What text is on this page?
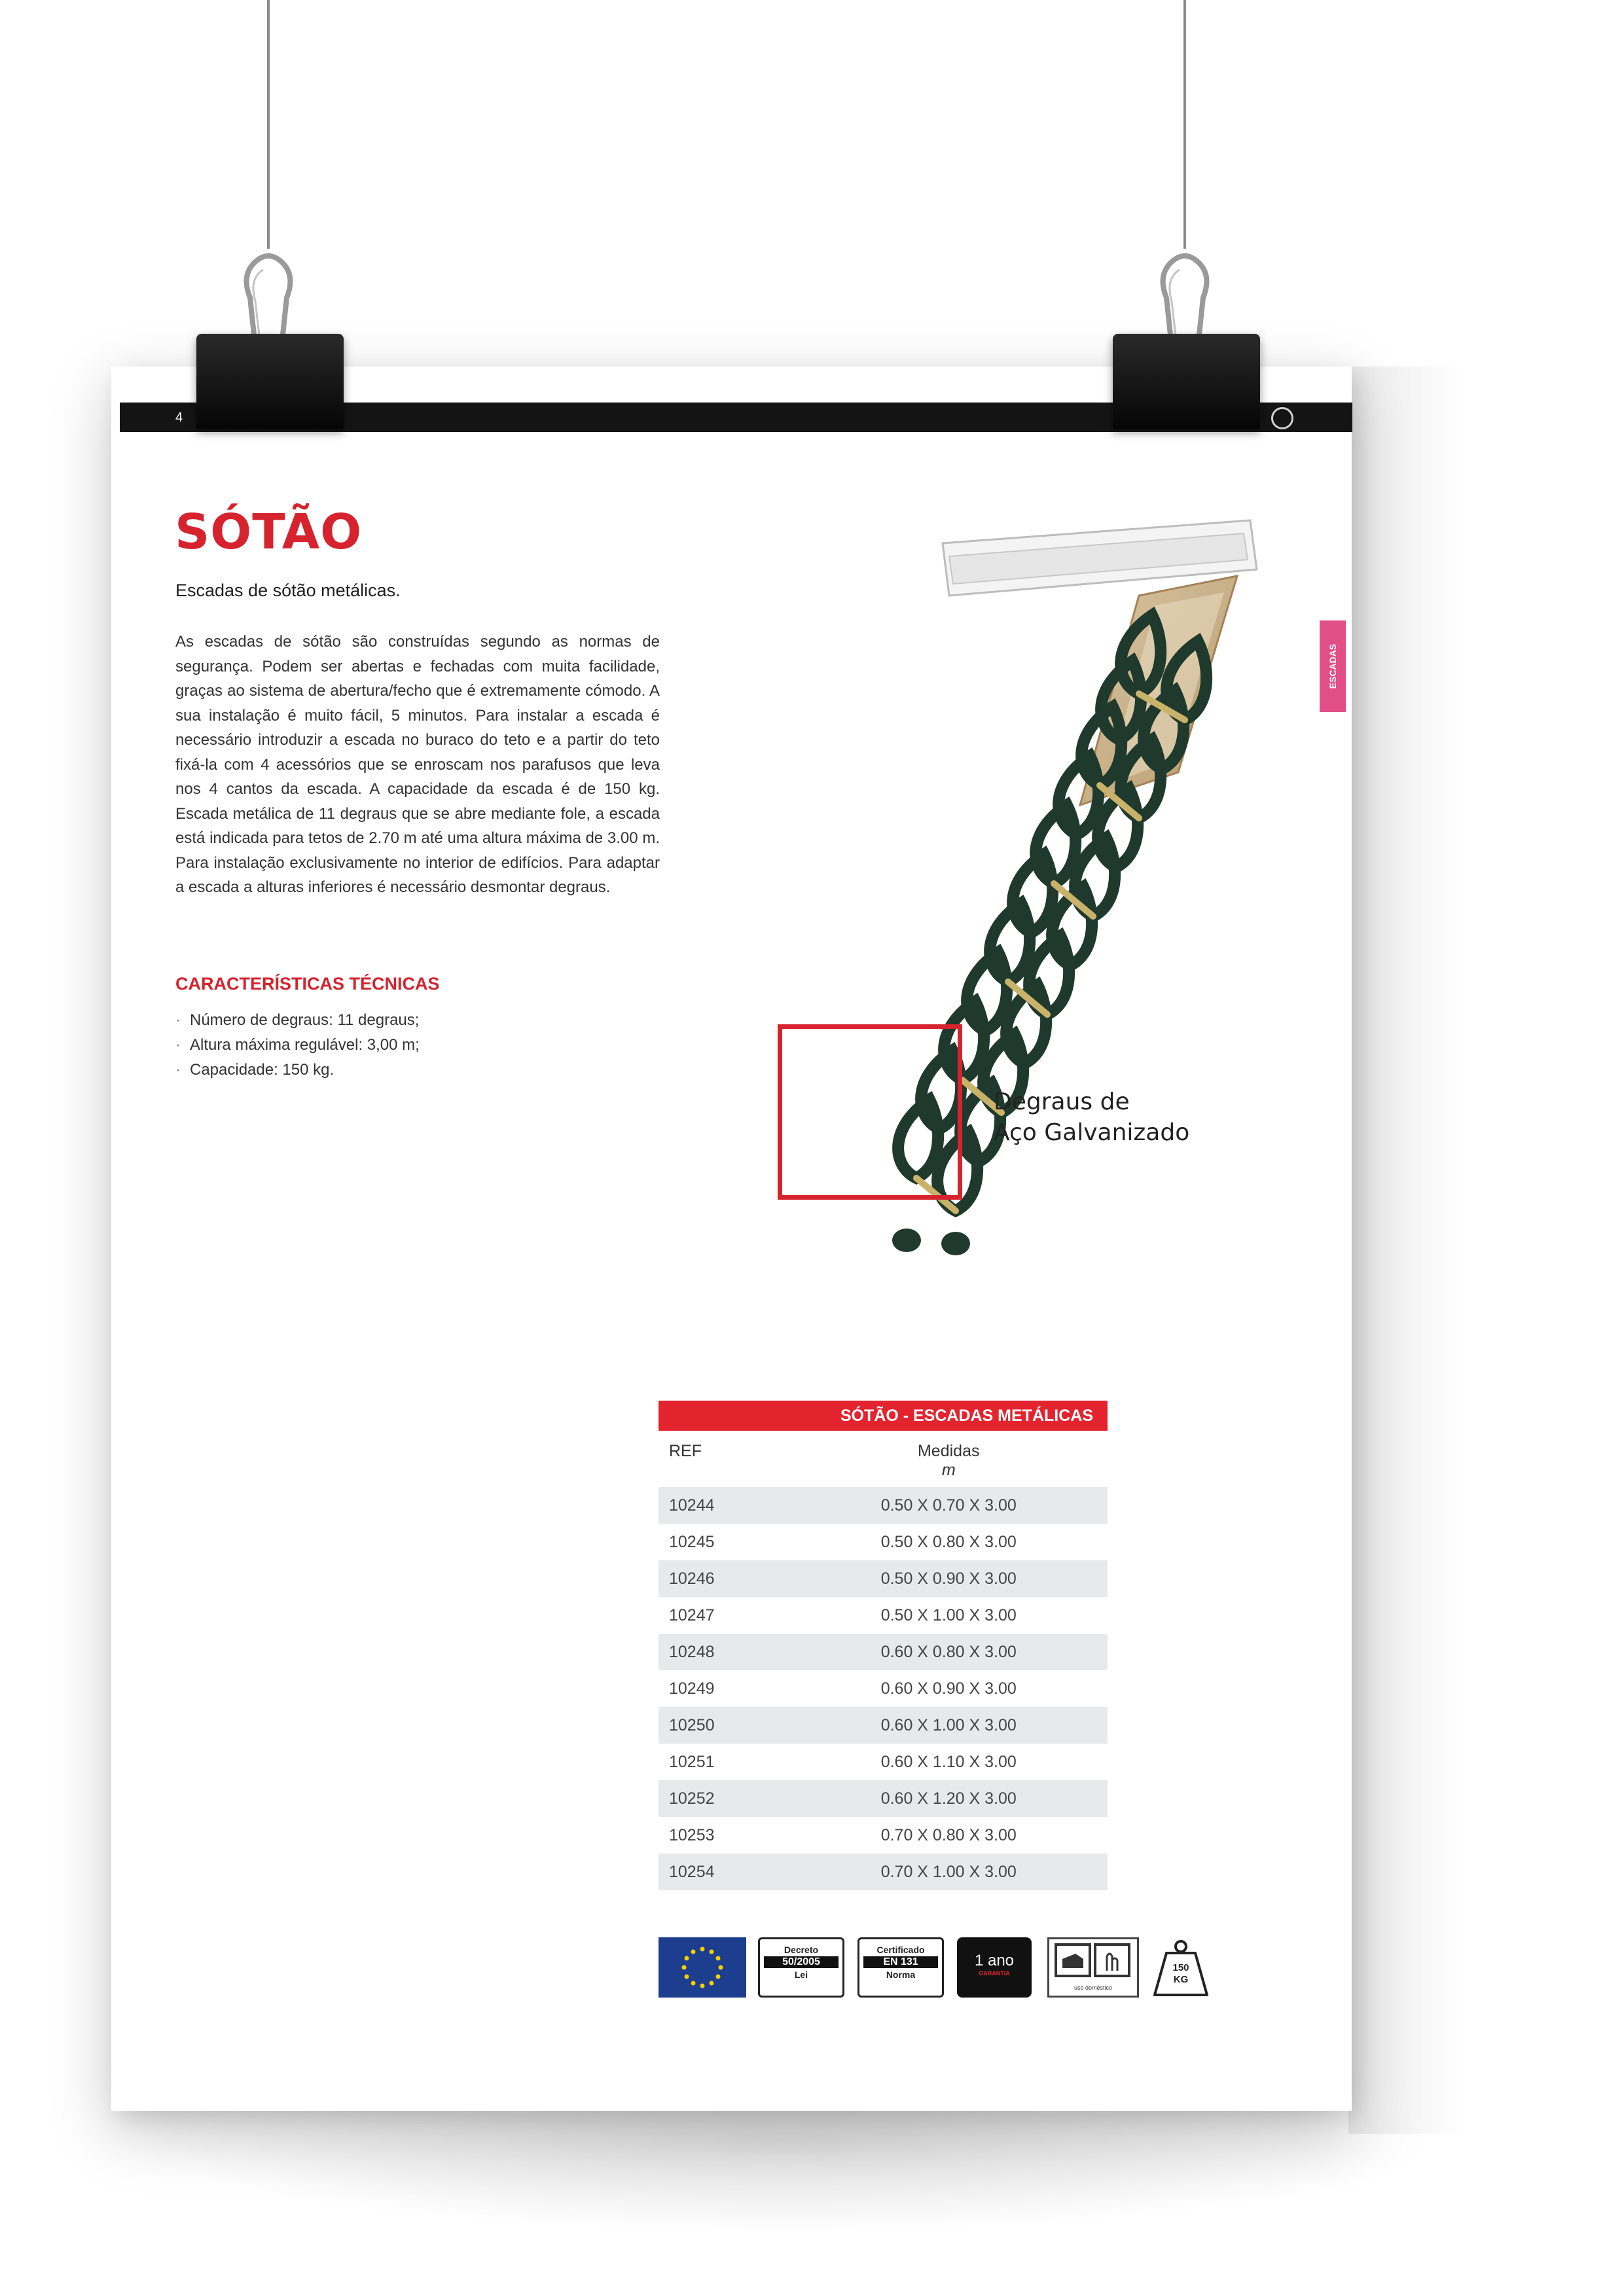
4
SÓTÃO
Escadas de sótão metálicas.

As escadas de sótão são construídas segundo as normas de segurança. Podem ser abertas e fechadas com muita facilidade, graças ao sistema de abertura/fecho que é extremamente cómodo. A sua instalação é muito fácil, 5 minutos. Para instalar a escada é necessário introduzir a escada no buraco do teto e a partir do teto fixá-la com 4 acessórios que se enroscam nos parafusos que leva nos 4 cantos da escada. A capacidade da escada é de 150 kg. Escada metálica de 11 degraus que se abre mediante fole, a escada está indicada para tetos de 2.70 m até uma altura máxima de 3.00 m. Para instalação exclusivamente no interior de edifícios. Para adaptar a escada a alturas inferiores é necessário desmontar degraus.

CARACTERÍSTICAS TÉCNICAS
· Número de degraus: 11 degraus;
· Altura máxima regulável: 3,00 m;
· Capacidade: 150 kg.
ESCADAS
Degraus de
Aço Galvanizado
SÓTÃO - ESCADAS METÁLICAS	
REF	Medidas
	m
10244	0.50 X 0.70 X 3.00
10245	0.50 X 0.80 X 3.00
10246	0.50 X 0.90 X 3.00
10247	0.50 X 1.00 X 3.00
10248	0.60 X 0.80 X 3.00
10249	0.60 X 0.90 X 3.00
10250	0.60 X 1.00 X 3.00
10251	0.60 X 1.10 X 3.00
10252	0.60 X 1.20 X 3.00
10253	0.70 X 0.80 X 3.00
10254	0.70 X 1.00 X 3.00
Decreto
50/2005
Lei
Certificado
EN 131
Norma
1 ano
GARANTIA
uso doméstico
150
KG
